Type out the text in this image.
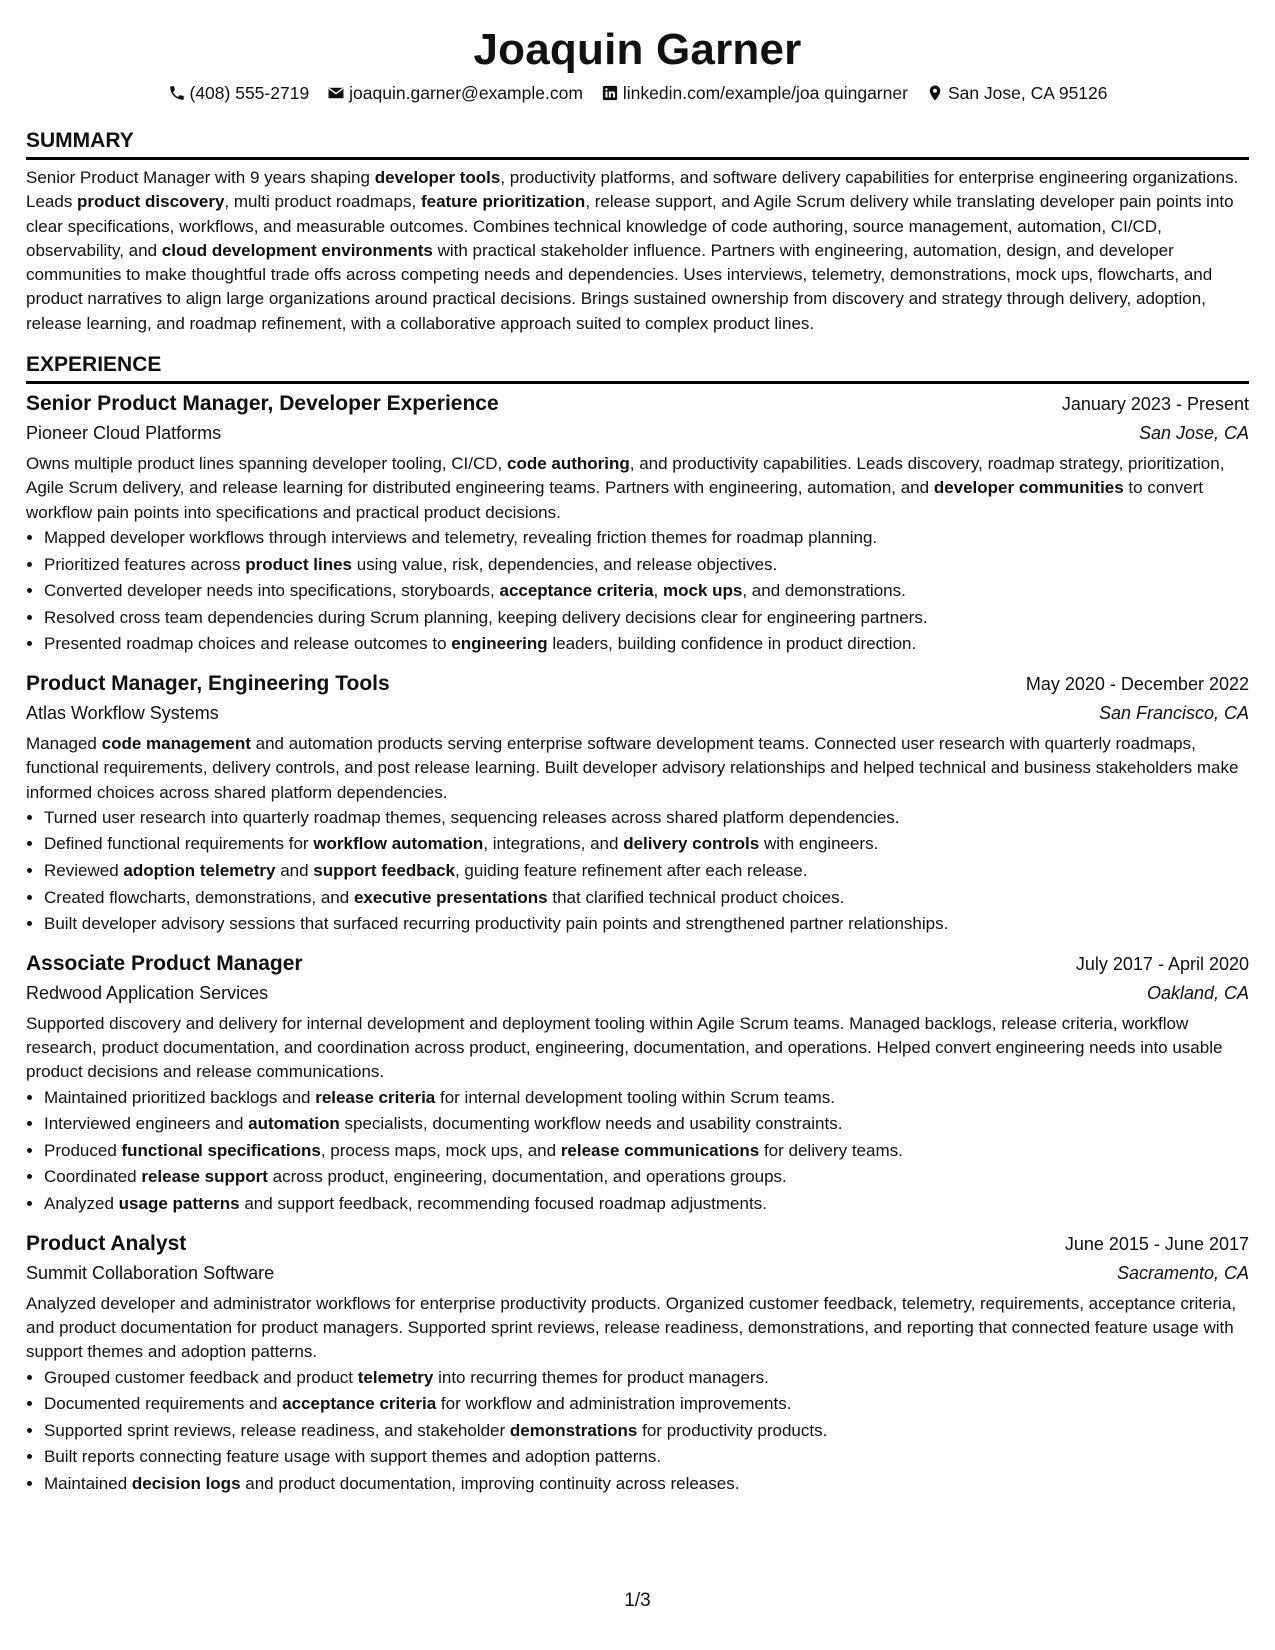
Joaquin Garner
(408) 555-2719 joaquin.garner@example.com linkedin.com/example/joa quingarner San Jose, CA 95126
SUMMARY
Senior Product Manager with 9 years shaping developer tools, productivity platforms, and software delivery capabilities for enterprise engineering organizations. Leads product discovery, multi product roadmaps, feature prioritization, release support, and Agile Scrum delivery while translating developer pain points into clear specifications, workflows, and measurable outcomes. Combines technical knowledge of code authoring, source management, automation, CI/CD, observability, and cloud development environments with practical stakeholder influence. Partners with engineering, automation, design, and developer communities to make thoughtful trade offs across competing needs and dependencies. Uses interviews, telemetry, demonstrations, mock ups, flowcharts, and product narratives to align large organizations around practical decisions. Brings sustained ownership from discovery and strategy through delivery, adoption, release learning, and roadmap refinement, with a collaborative approach suited to complex product lines.
EXPERIENCE
Senior Product Manager, Developer Experience	January 2023 - Present
Pioneer Cloud Platforms	San Jose, CA
Owns multiple product lines spanning developer tooling, CI/CD, code authoring, and productivity capabilities. Leads discovery, roadmap strategy, prioritization, Agile Scrum delivery, and release learning for distributed engineering teams. Partners with engineering, automation, and developer communities to convert workflow pain points into specifications and practical product decisions.
• Mapped developer workflows through interviews and telemetry, revealing friction themes for roadmap planning.
• Prioritized features across product lines using value, risk, dependencies, and release objectives.
• Converted developer needs into specifications, storyboards, acceptance criteria, mock ups, and demonstrations.
• Resolved cross team dependencies during Scrum planning, keeping delivery decisions clear for engineering partners.
• Presented roadmap choices and release outcomes to engineering leaders, building confidence in product direction.
Product Manager, Engineering Tools	May 2020 - December 2022
Atlas Workflow Systems	San Francisco, CA
Managed code management and automation products serving enterprise software development teams. Connected user research with quarterly roadmaps, functional requirements, delivery controls, and post release learning. Built developer advisory relationships and helped technical and business stakeholders make informed choices across shared platform dependencies.
• Turned user research into quarterly roadmap themes, sequencing releases across shared platform dependencies.
• Defined functional requirements for workflow automation, integrations, and delivery controls with engineers.
• Reviewed adoption telemetry and support feedback, guiding feature refinement after each release.
• Created flowcharts, demonstrations, and executive presentations that clarified technical product choices.
• Built developer advisory sessions that surfaced recurring productivity pain points and strengthened partner relationships.
Associate Product Manager	July 2017 - April 2020
Redwood Application Services	Oakland, CA
Supported discovery and delivery for internal development and deployment tooling within Agile Scrum teams. Managed backlogs, release criteria, workflow research, product documentation, and coordination across product, engineering, documentation, and operations. Helped convert engineering needs into usable product decisions and release communications.
• Maintained prioritized backlogs and release criteria for internal development tooling within Scrum teams.
• Interviewed engineers and automation specialists, documenting workflow needs and usability constraints.
• Produced functional specifications, process maps, mock ups, and release communications for delivery teams.
• Coordinated release support across product, engineering, documentation, and operations groups.
• Analyzed usage patterns and support feedback, recommending focused roadmap adjustments.
Product Analyst	June 2015 - June 2017
Summit Collaboration Software	Sacramento, CA
Analyzed developer and administrator workflows for enterprise productivity products. Organized customer feedback, telemetry, requirements, acceptance criteria, and product documentation for product managers. Supported sprint reviews, release readiness, demonstrations, and reporting that connected feature usage with support themes and adoption patterns.
• Grouped customer feedback and product telemetry into recurring themes for product managers.
• Documented requirements and acceptance criteria for workflow and administration improvements.
• Supported sprint reviews, release readiness, and stakeholder demonstrations for productivity products.
• Built reports connecting feature usage with support themes and adoption patterns.
• Maintained decision logs and product documentation, improving continuity across releases.
1/3
